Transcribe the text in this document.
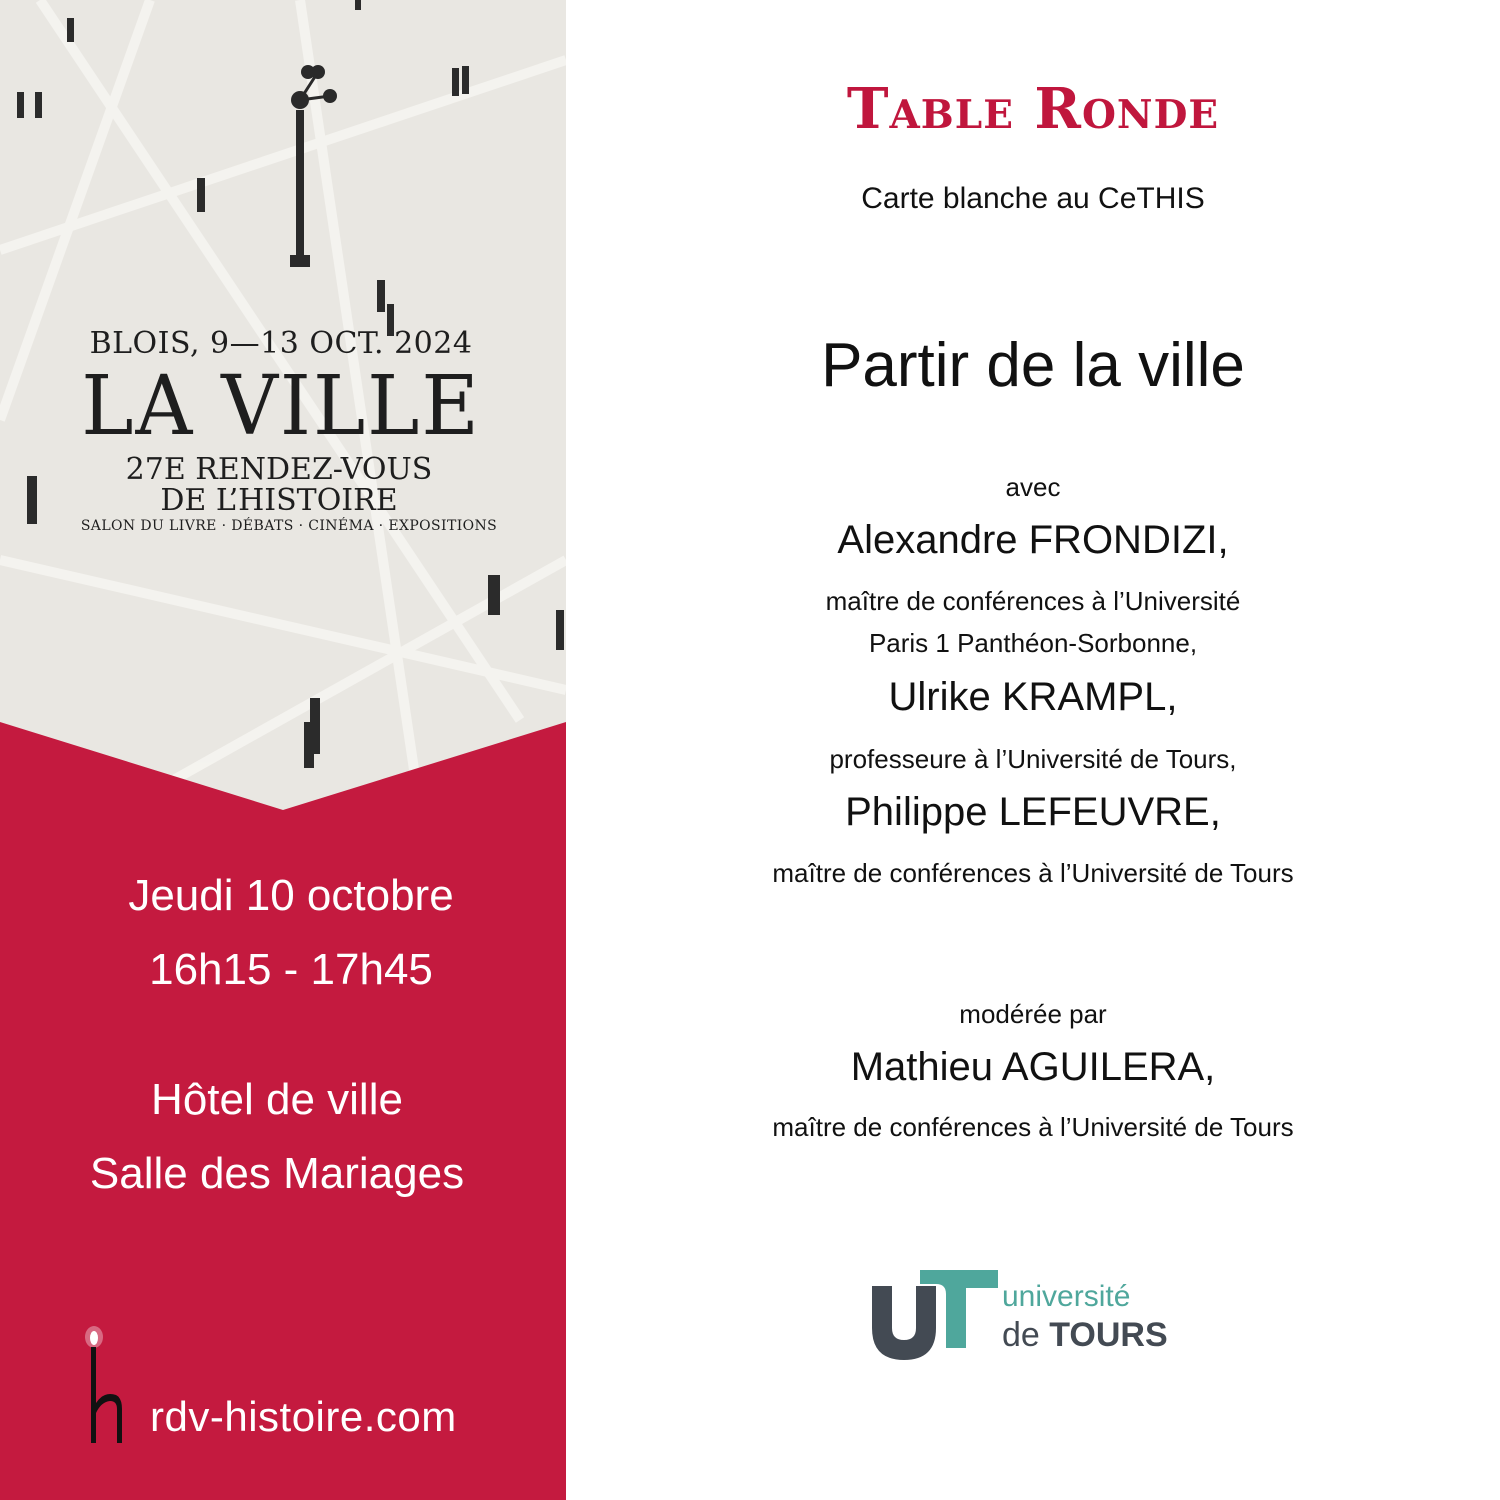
BLOIS, 9—13 OCT. 2024
LA VILLE
27E RENDEZ-VOUS
DE L’HISTOIRE
SALON DU LIVRE · DÉBATS · CINÉMA · EXPOSITIONS
Jeudi 10 octobre
16h15 - 17h45
Hôtel de ville
Salle des Mariages
rdv-histoire.com
Table Ronde
Carte blanche au CeTHIS
Partir de la ville
avec
Alexandre FRONDIZI,
maître de conférences à l’Université
Paris 1 Panthéon-Sorbonne,
Ulrike KRAMPL,
professeure à l’Université de Tours,
Philippe LEFEUVRE,
maître de conférences à l’Université de Tours
modérée par
Mathieu AGUILERA,
maître de conférences à l’Université de Tours
université
de TOURS
